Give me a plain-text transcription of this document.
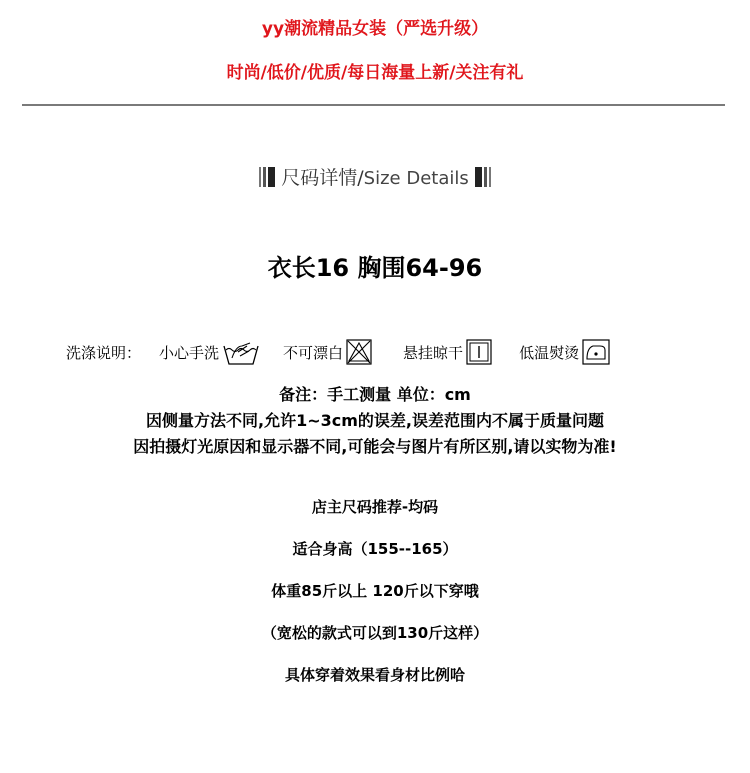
yy潮流精品女装（严选升级）
时尚/低价/优质/每日海量上新/关注有礼
尺码详情/Size Details
衣长16 胸围64-96
洗涤说明： 小心手洗	不可漂白	悬挂晾干	低温熨烫
备注：手工测量 单位：cm
因侧量方法不同,允许1~3cm的误差,误差范围内不属于质量问题
因拍摄灯光原因和显示器不同,可能会与图片有所区别,请以实物为准!
店主尺码推荐-均码
适合身高（155--165）
体重85斤以上 120斤以下穿哦
（宽松的款式可以到130斤这样）
具体穿着效果看身材比例哈
